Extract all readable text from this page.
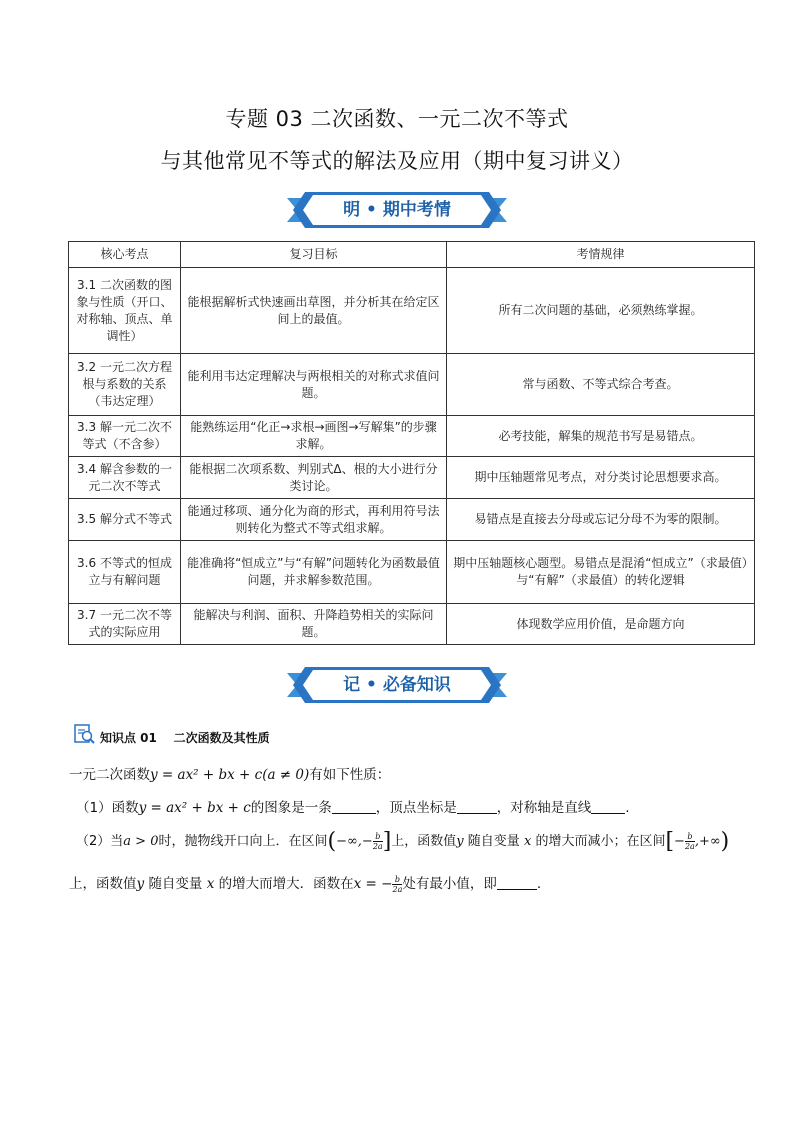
专题 03 二次函数、一元二次不等式
与其他常见不等式的解法及应用（期中复习讲义）
明 • 期中考情
核心考点	复习目标	考情规律
3.1 二次函数的图象与性质（开口、对称轴、顶点、单调性）	能根据解析式快速画出草图，并分析其在给定区间上的最值。	所有二次问题的基础，必须熟练掌握。
3.2 一元二次方程根与系数的关系（韦达定理）	能利用韦达定理解决与两根相关的对称式求值问题。	常与函数、不等式综合考查。
3.3 解一元二次不等式（不含参）	能熟练运用“化正→求根→画图→写解集”的步骤求解。	必考技能，解集的规范书写是易错点。
3.4 解含参数的一元二次不等式	能根据二次项系数、判别式Δ、根的大小进行分类讨论。	期中压轴题常见考点，对分类讨论思想要求高。
3.5 解分式不等式	能通过移项、通分化为商的形式，再利用符号法则转化为整式不等式组求解。	易错点是直接去分母或忘记分母不为零的限制。
3.6 不等式的恒成立与有解问题	能准确将“恒成立”与“有解”问题转化为函数最值问题，并求解参数范围。	期中压轴题核心题型。易错点是混淆“恒成立”（求最值）与“有解”（求最值）的转化逻辑
3.7 一元二次不等式的实际应用	能解决与利润、面积、升降趋势相关的实际问题。	体现数学应用价值，是命题方向
记 • 必备知识
知识点 01 二次函数及其性质
一元二次函数y = ax² + bx + c(a ≠ 0)有如下性质：
（1）函数y = ax² + bx + c的图象是一条	，顶点坐标是	，对称轴是直线	.
（2）当a > 0时，抛物线开口向上．在区间(−∞,− $\frac{b}{2a}$ ]上，函数值y 随自变量 x 的增大而减小；在区间[− $\frac{b}{2a}$ ,+∞)
上，函数值y 随自变量 x 的增大而增大．函数在x = − $\frac{b}{2a}$ 处有最小值，即	.
